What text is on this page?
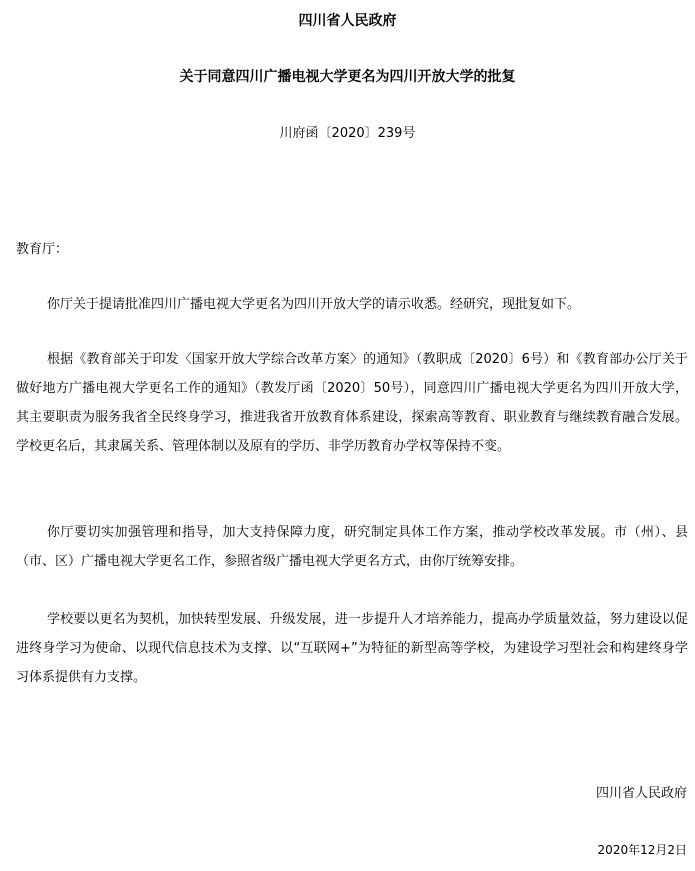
四川省人民政府
关于同意四川广播电视大学更名为四川开放大学的批复
川府函〔2020〕239号
教育厅：

你厅关于提请批准四川广播电视大学更名为四川开放大学的请示收悉。经研究，现批复如下。

根据《教育部关于印发〈国家开放大学综合改革方案〉的通知》（教职成〔2020〕6号）和《教育部办公厅关于做好地方广播电视大学更名工作的通知》（教发厅函〔2020〕50号），同意四川广播电视大学更名为四川开放大学，其主要职责为服务我省全民终身学习，推进我省开放教育体系建设，探索高等教育、职业教育与继续教育融合发展。学校更名后，其隶属关系、管理体制以及原有的学历、非学历教育办学权等保持不变。

你厅要切实加强管理和指导，加大支持保障力度，研究制定具体工作方案，推动学校改革发展。市（州）、县（市、区）广播电视大学更名工作，参照省级广播电视大学更名方式，由你厅统筹安排。

学校要以更名为契机，加快转型发展、升级发展，进一步提升人才培养能力，提高办学质量效益，努力建设以促进终身学习为使命、以现代信息技术为支撑、以“互联网+”为特征的新型高等学校，为建设学习型社会和构建终身学习体系提供有力支撑。

四川省人民政府
2020年12月2日
